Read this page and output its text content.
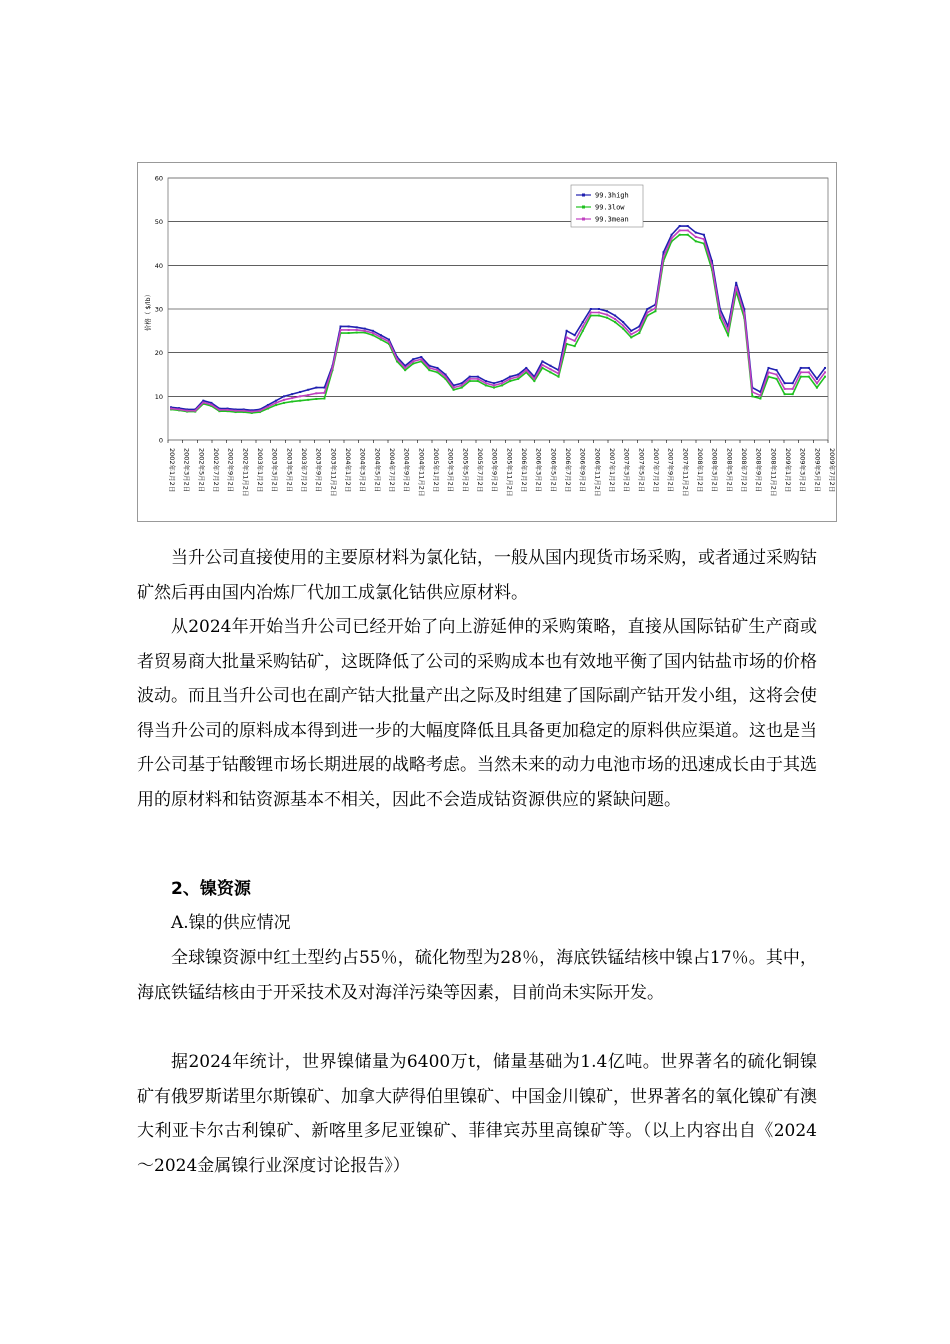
0
10
20
30
40
50
60
价格（ $/lb）
2002年1月2日 2002年3月2日 2002年5月2日 2002年7月2日 2002年9月2日 2002年11月2日 2003年1月2日 2003年3月2日 2003年5月2日 2003年7月2日 2003年9月2日 2003年11月2日 2004年1月2日 2004年3月2日 2004年5月2日 2004年7月2日 2004年9月2日 2004年11月2日 2005年1月2日 2005年3月2日 2005年5月2日 2005年7月2日 2005年9月2日 2005年11月2日 2006年1月2日 2006年3月2日 2006年5月2日 2006年7月2日 2006年9月2日 2006年11月2日 2007年1月2日 2007年3月2日 2007年5月2日 2007年7月2日 2007年9月2日 2007年11月2日 2008年1月2日 2008年3月2日 2008年5月2日 2008年7月2日 2008年9月2日 2008年11月2日 2009年1月2日 2009年3月2日 2009年5月2日 2009年7月2日
99.3high
99.3low
99.3mean

当升公司直接使用的主要原材料为氯化钴，一般从国内现货市场采购，或者通过采购钴矿然后再由国内冶炼厂代加工成氯化钴供应原材料。

从2024年开始当升公司已经开始了向上游延伸的采购策略，直接从国际钴矿生产商或者贸易商大批量采购钴矿，这既降低了公司的采购成本也有效地平衡了国内钴盐市场的价格波动。而且当升公司也在副产钴大批量产出之际及时组建了国际副产钴开发小组，这将会使得当升公司的原料成本得到进一步的大幅度降低且具备更加稳定的原料供应渠道。这也是当升公司基于钴酸锂市场长期进展的战略考虑。当然未来的动力电池市场的迅速成长由于其选用的原材料和钴资源基本不相关，因此不会造成钴资源供应的紧缺问题。

2、镍资源

A.镍的供应情况

全球镍资源中红土型约占55％，硫化物型为28％，海底铁锰结核中镍占17％。其中，海底铁锰结核由于开采技术及对海洋污染等因素，目前尚未实际开发。

据2024年统计，世界镍储量为6400万t，储量基础为1.4亿吨。世界著名的硫化铜镍矿有俄罗斯诺里尔斯镍矿、加拿大萨得伯里镍矿、中国金川镍矿，世界著名的氧化镍矿有澳大利亚卡尔古利镍矿、新喀里多尼亚镍矿、菲律宾苏里高镍矿等。（以上内容出自《2024～2024金属镍行业深度讨论报告》）
